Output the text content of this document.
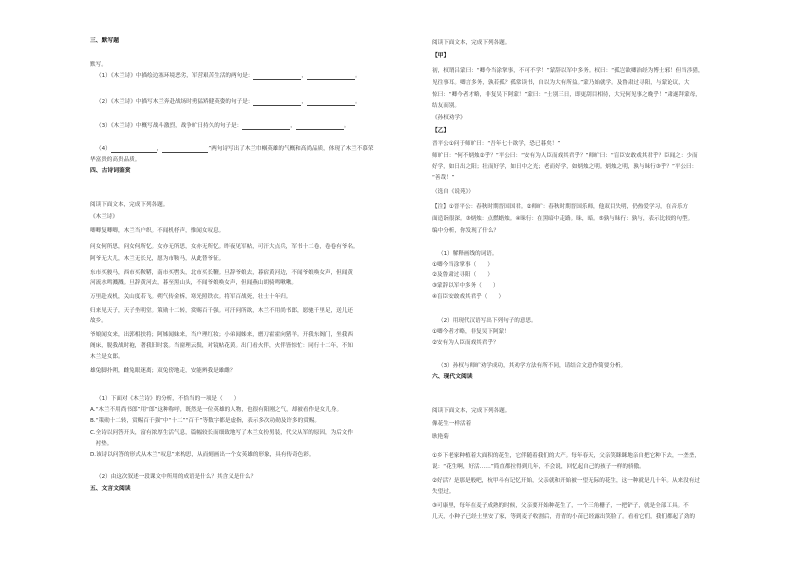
三、默写题
默写。
（1）《木兰诗》中描绘边塞环境恶劣，军营艰苦生活的两句是：	，	。
（2）《木兰诗》中描写木兰奔赴战场时勇猛矫健英姿的句子是：	，	。
（3）《木兰诗》中概写战斗激烈，战争旷日持久的句子是：	，	。
（4）	，	”两句诗写出了木兰巾帼英雄的气概和高尚品质，体现了木兰不慕荣
华富贵的高贵品质。
四、古诗词鉴赏
阅读下面文本，完成下列各题。
《木兰诗》
唧唧复唧唧，木兰当户织。不闻机杼声，惟闻女叹息。
问女何所思，问女何所忆。女亦无所思，女亦无所忆。昨夜见军帖，可汗大点兵，军书十二卷，卷卷有爷名。
阿爷无大儿，木兰无长兄，愿为市鞍马，从此替爷征。
东市买骏马，西市买鞍鞯，南市买辔头，北市买长鞭。旦辞爷娘去，暮宿黄河边，不闻爷娘唤女声，但闻黄
河流水鸣溅溅。旦辞黄河去，暮至黑山头，不闻爷娘唤女声，但闻燕山胡骑鸣啾啾。
万里赴戎机，关山度若飞。朔气传金柝，寒光照铁衣。将军百战死，壮士十年归。
归来见天子，天子坐明堂。策勋十二转，赏赐百千强。可汗问所欲，木兰不用尚书郎，愿驰千里足，送儿还
故乡。
爷娘闻女来，出郭相扶将；阿姊闻妹来，当户理红妆；小弟闻姊来，磨刀霍霍向猪羊。开我东阁门，坐我西
阁床，脱我战时袍，著我旧时裳。当窗理云鬓，对镜帖花黄。出门看火伴，火伴皆惊忙：同行十二年，不知
木兰是女郎。
雄兔脚扑朔，雌兔眼迷离；双兔傍地走，安能辨我是雄雌？
（1）下面对《木兰诗》的分析，不恰当的一项是（　　）
A.“木兰不用尚书郎”用“郎”这种称呼，既然是一位英雄的人物，也很有阳刚之气，却被看作是女儿身。
B.“策勋十二转，赏赐百千强”中“十二”“百千”等数字都是虚指，表示多次功勋及许多的赏赐。
C.全诗以问答开头，富有浓厚生活气息，篇幅较长而细致地写了木兰女扮男装，代父从军的原因，为后文作
　衬垫。
D.该诗以问答的形式从木兰“叹息”来构思，从而刻画出一个女英雄的形象，具有传奇色彩。
（2）由这次叙述一段课文中所用的成语是什么？其含义是什么？
五、文言文阅读
阅读下面文本，完成下列各题。
【甲】
初，权谓吕蒙曰：“卿今当涂掌事，不可不学！”蒙辞以军中多务。权曰：“孤岂欲卿治经为博士邪！但当涉猎，
见往事耳。卿言多务，孰若孤？孤常读书，自以为大有所益。”蒙乃始就学。及鲁肃过寻阳，与蒙论议，大
惊曰：“卿今者才略，非复吴下阿蒙！”蒙曰：“士别三日，即更刮目相待，大兄何见事之晚乎！”肃遂拜蒙母，
结友而别。
《孙权劝学》
【乙】
晋平公①问于师旷曰：“吾年七十欲学，恐已暮矣！”
师旷曰：“何不炳烛②乎？”平公曰：“安有为人臣而戏其君乎？”师旷曰：“盲臣安敢戏其君乎？臣闻之：少而
好学，如日出之阳；壮而好学，如日中之光；老而好学，如炳烛之明。炳烛之明，孰与昧行③乎？”平公曰：
“善哉！”
（选自《说苑》）
【注】①晋平公：春秋时期晋国国君。②师旷：春秋时期晋国乐师，他双目失明，仍热爱学习，在音乐方
面造诣很深。③炳烛：点燃蜡烛。④昧行：在黑暗中走路。昧，暗。⑤孰与昧行：孰与，表示比较的句型。
编中分析，你发现了什么？
（1）解释画线的词语。
①卿今当涂掌事（　　）
②及鲁肃过寻阳（　　）
③蒙辞以军中多务（　　）
④盲臣安敢戏其君乎（　　）
（2）用现代汉语写出下列句子的意思。
①卿今者才略，非复吴下阿蒙！
②安有为人臣而戏其君乎？
（3）孙权与师旷劝学成功，其劝学方法有所不同，请结合文意作简要分析。
六、现代文阅读
阅读下面文本，完成下列各题。
像花生一样活着
耿艳菊
①乡下老家种植着大面积的花生，它伴随着我们的大产。每年春天，父亲笑眯眯地亲自把它种下去，一垄垄，
说：“花生啊，好活……”简直都拉得到几年，不会说，回忆起自己的孩子一样的骄傲。
②好活？是那是般吧，杭甲斗有记忆开始，父亲就和开始被一望无际的花生，这一种就是几十年。从来没有过
失望过。
③可康里，每年在麦子成熟的时候，父亲要开始种花生了，一个三角栅子，一把铲子，就是全部工具。不
几天，小种子已经土里安了家，等到麦子收割后，青青的小苗已经露出笑脸了。看看它们，我们都起了劲的
